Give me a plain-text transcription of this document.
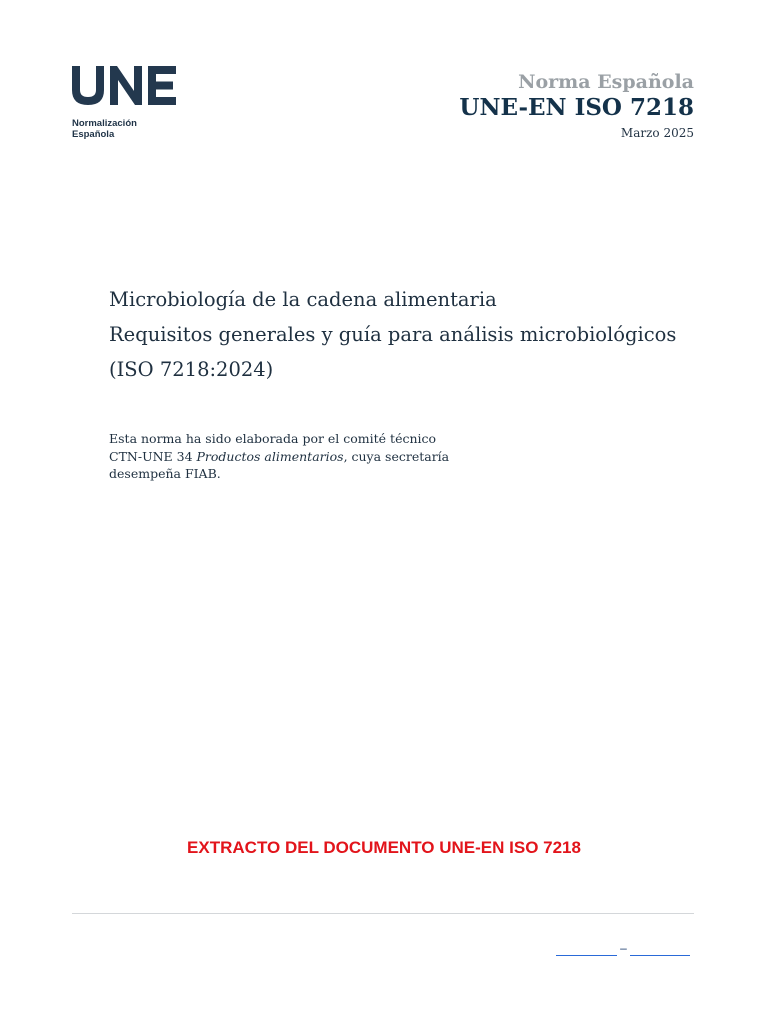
Normalización
Española
Norma Española
UNE-EN ISO 7218
Marzo 2025
Microbiología de la cadena alimentaria
Requisitos generales y guía para análisis microbiológicos
(ISO 7218:2024)
Esta norma ha sido elaborada por el comité técnico
CTN-UNE 34 Productos alimentarios, cuya secretaría
desempeña FIAB.
EXTRACTO DEL DOCUMENTO UNE-EN ISO 7218
–
